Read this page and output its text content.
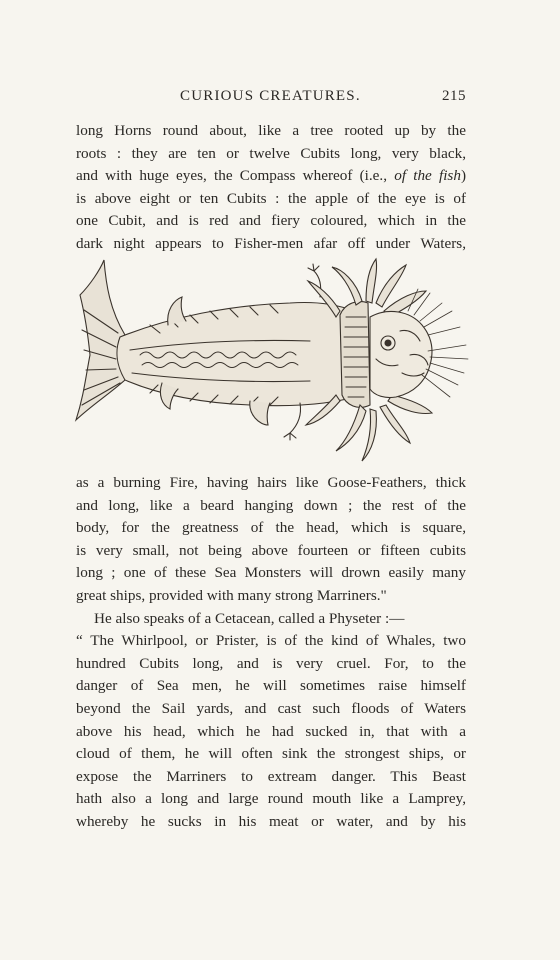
CURIOUS CREATURES.	215
long Horns round about, like a tree rooted up by the
roots : they are ten or twelve Cubits long, very black,
and with huge eyes, the Compass whereof (i.e., of the fish)
is above eight or ten Cubits : the apple of the eye is of
one Cubit, and is red and fiery coloured, which in the
dark night appears to Fisher-men afar off under Waters,
as a burning Fire, having hairs like Goose-Feathers, thick
and long, like a beard hanging down ; the rest of the
body, for the greatness of the head, which is square,
is very small, not being above fourteen or fifteen cubits
long ; one of these Sea Monsters will drown easily many
great ships, provided with many strong Marriners."
He also speaks of a Cetacean, called a Physeter :—
“ The Whirlpool, or Prister, is of the kind of Whales, two
hundred Cubits long, and is very cruel. For, to the
danger of Sea men, he will sometimes raise himself
beyond the Sail yards, and cast such floods of Waters
above his head, which he had sucked in, that with a
cloud of them, he will often sink the strongest ships, or
expose the Marriners to extream danger. This Beast
hath also a long and large round mouth like a Lamprey,
whereby he sucks in his meat or water, and by his
